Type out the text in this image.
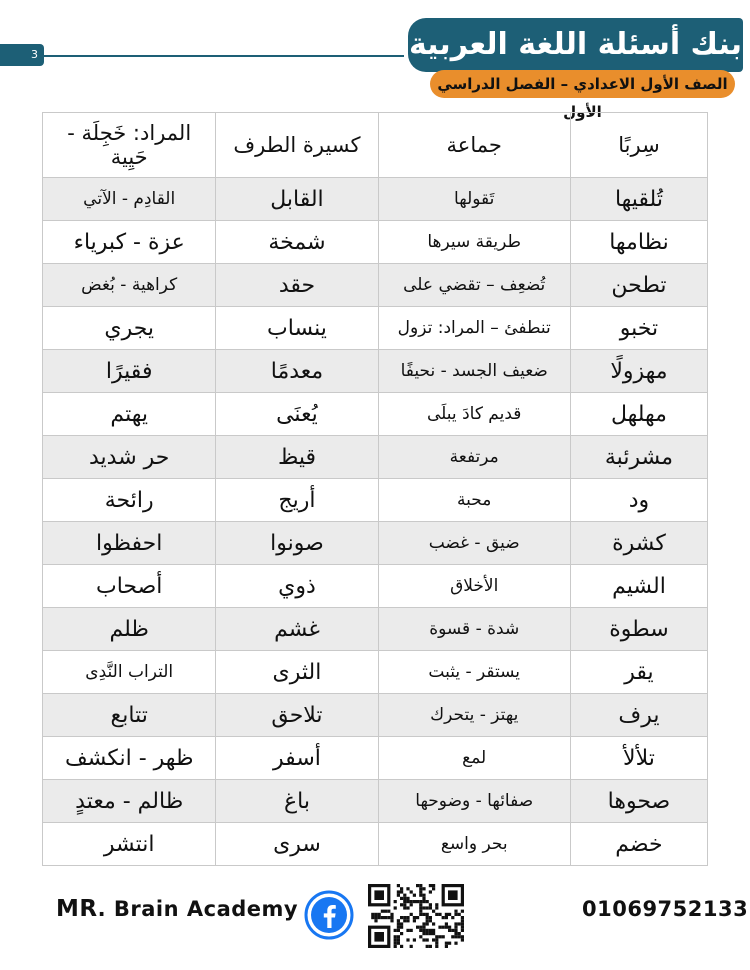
3	بنك أسئلة اللغة العربية
الصف الأول الاعدادي – الفصل الدراسي الأول
سِربًا	جماعة	كسيرة الطرف	المراد: خَجِلَة - حَيِية
تُلقيها	تَقولها	القابل	القادِم - الآتي
نظامها	طريقة سيرها	شمخة	عزة - كبرياء
تطحن	تُضعِف – تقضي على	حقد	كراهية - بُغض
تخبو	تنطفئ – المراد: تزول	ينساب	يجري
مهزولًا	ضعيف الجسد - نحيفًا	معدمًا	فقيرًا
مهلهل	قديم كادَ يبلَى	يُعنَى	يهتم
مشرئبة	مرتفعة	قيظ	حر شديد
ود	محبة	أريج	رائحة
كشرة	ضيق - غضب	صونوا	احفظوا
الشيم	الأخلاق	ذوي	أصحاب
سطوة	شدة - قسوة	غشم	ظلم
يقر	يستقر - يثبت	الثرى	التراب النَّدِى
يرف	يهتز - يتحرك	تلاحق	تتابع
تلألأ	لمع	أسفر	ظهر - انكشف
صحوها	صفائها - وضوحها	باغ	ظالم - معتدٍ
خضم	بحر واسع	سرى	انتشر
MR. Brain Academy	01069752133
